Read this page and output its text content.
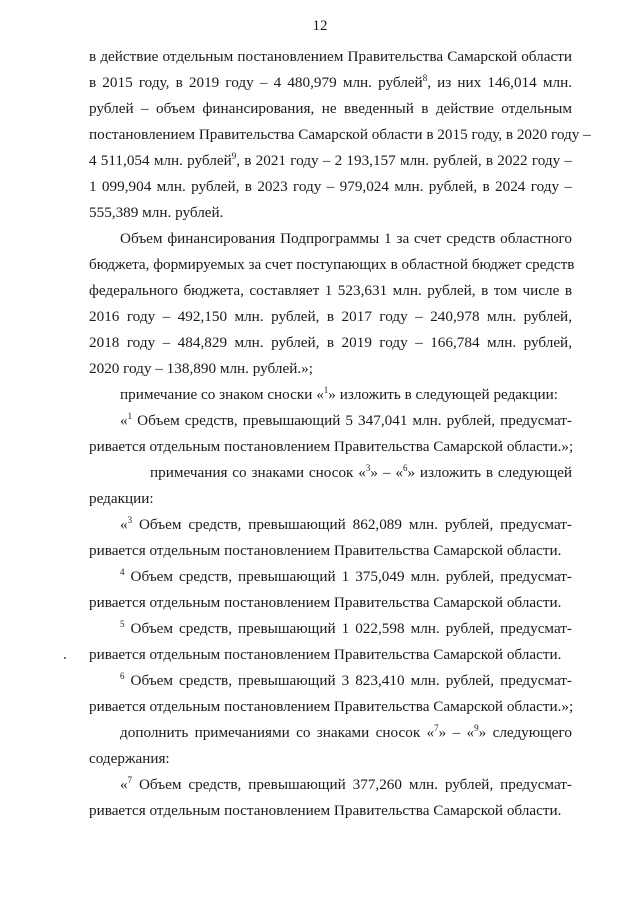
12
в действие отдельным постановлением Правительства Самарской области
в 2015 году, в 2019 году – 4 480,979 млн. рублей$^8$, из них 146,014 млн.
рублей – объем финансирования, не введенный в действие отдельным
постановлением Правительства Самарской области в 2015 году, в 2020 году –
4 511,054 млн. рублей$^9$, в 2021 году – 2 193,157 млн. рублей, в 2022 году –
1 099,904 млн. рублей, в 2023 году – 979,024 млн. рублей, в 2024 году –
555,389 млн. рублей.
Объем финансирования Подпрограммы 1 за счет средств областного
бюджета, формируемых за счет поступающих в областной бюджет средств
федерального бюджета, составляет 1 523,631 млн. рублей, в том числе в
2016 году – 492,150 млн. рублей, в 2017 году – 240,978 млн. рублей,
2018 году – 484,829 млн. рублей, в 2019 году – 166,784 млн. рублей,
2020 году – 138,890 млн. рублей.»;
примечание со знаком сноски «$^1$» изложить в следующей редакции:
«$^1$ Объем средств, превышающий 5 347,041 млн. рублей, предусмат-
ривается отдельным постановлением Правительства Самарской области.»;
примечания со знаками сносок «$^3$» – «$^6$» изложить в следующей
редакции:
«$^3$ Объем средств, превышающий 862,089 млн. рублей, предусмат-
ривается отдельным постановлением Правительства Самарской области.
$^4$ Объем средств, превышающий 1 375,049 млн. рублей, предусмат-
ривается отдельным постановлением Правительства Самарской области.
$^5$ Объем средств, превышающий 1 022,598 млн. рублей, предусмат-
ривается отдельным постановлением Правительства Самарской области.
$^6$ Объем средств, превышающий 3 823,410 млн. рублей, предусмат-
ривается отдельным постановлением Правительства Самарской области.»;
дополнить примечаниями со знаками сносок «$^7$» – «$^9$» следующего
содержания:
«$^7$ Объем средств, превышающий 377,260 млн. рублей, предусмат-
ривается отдельным постановлением Правительства Самарской области.
